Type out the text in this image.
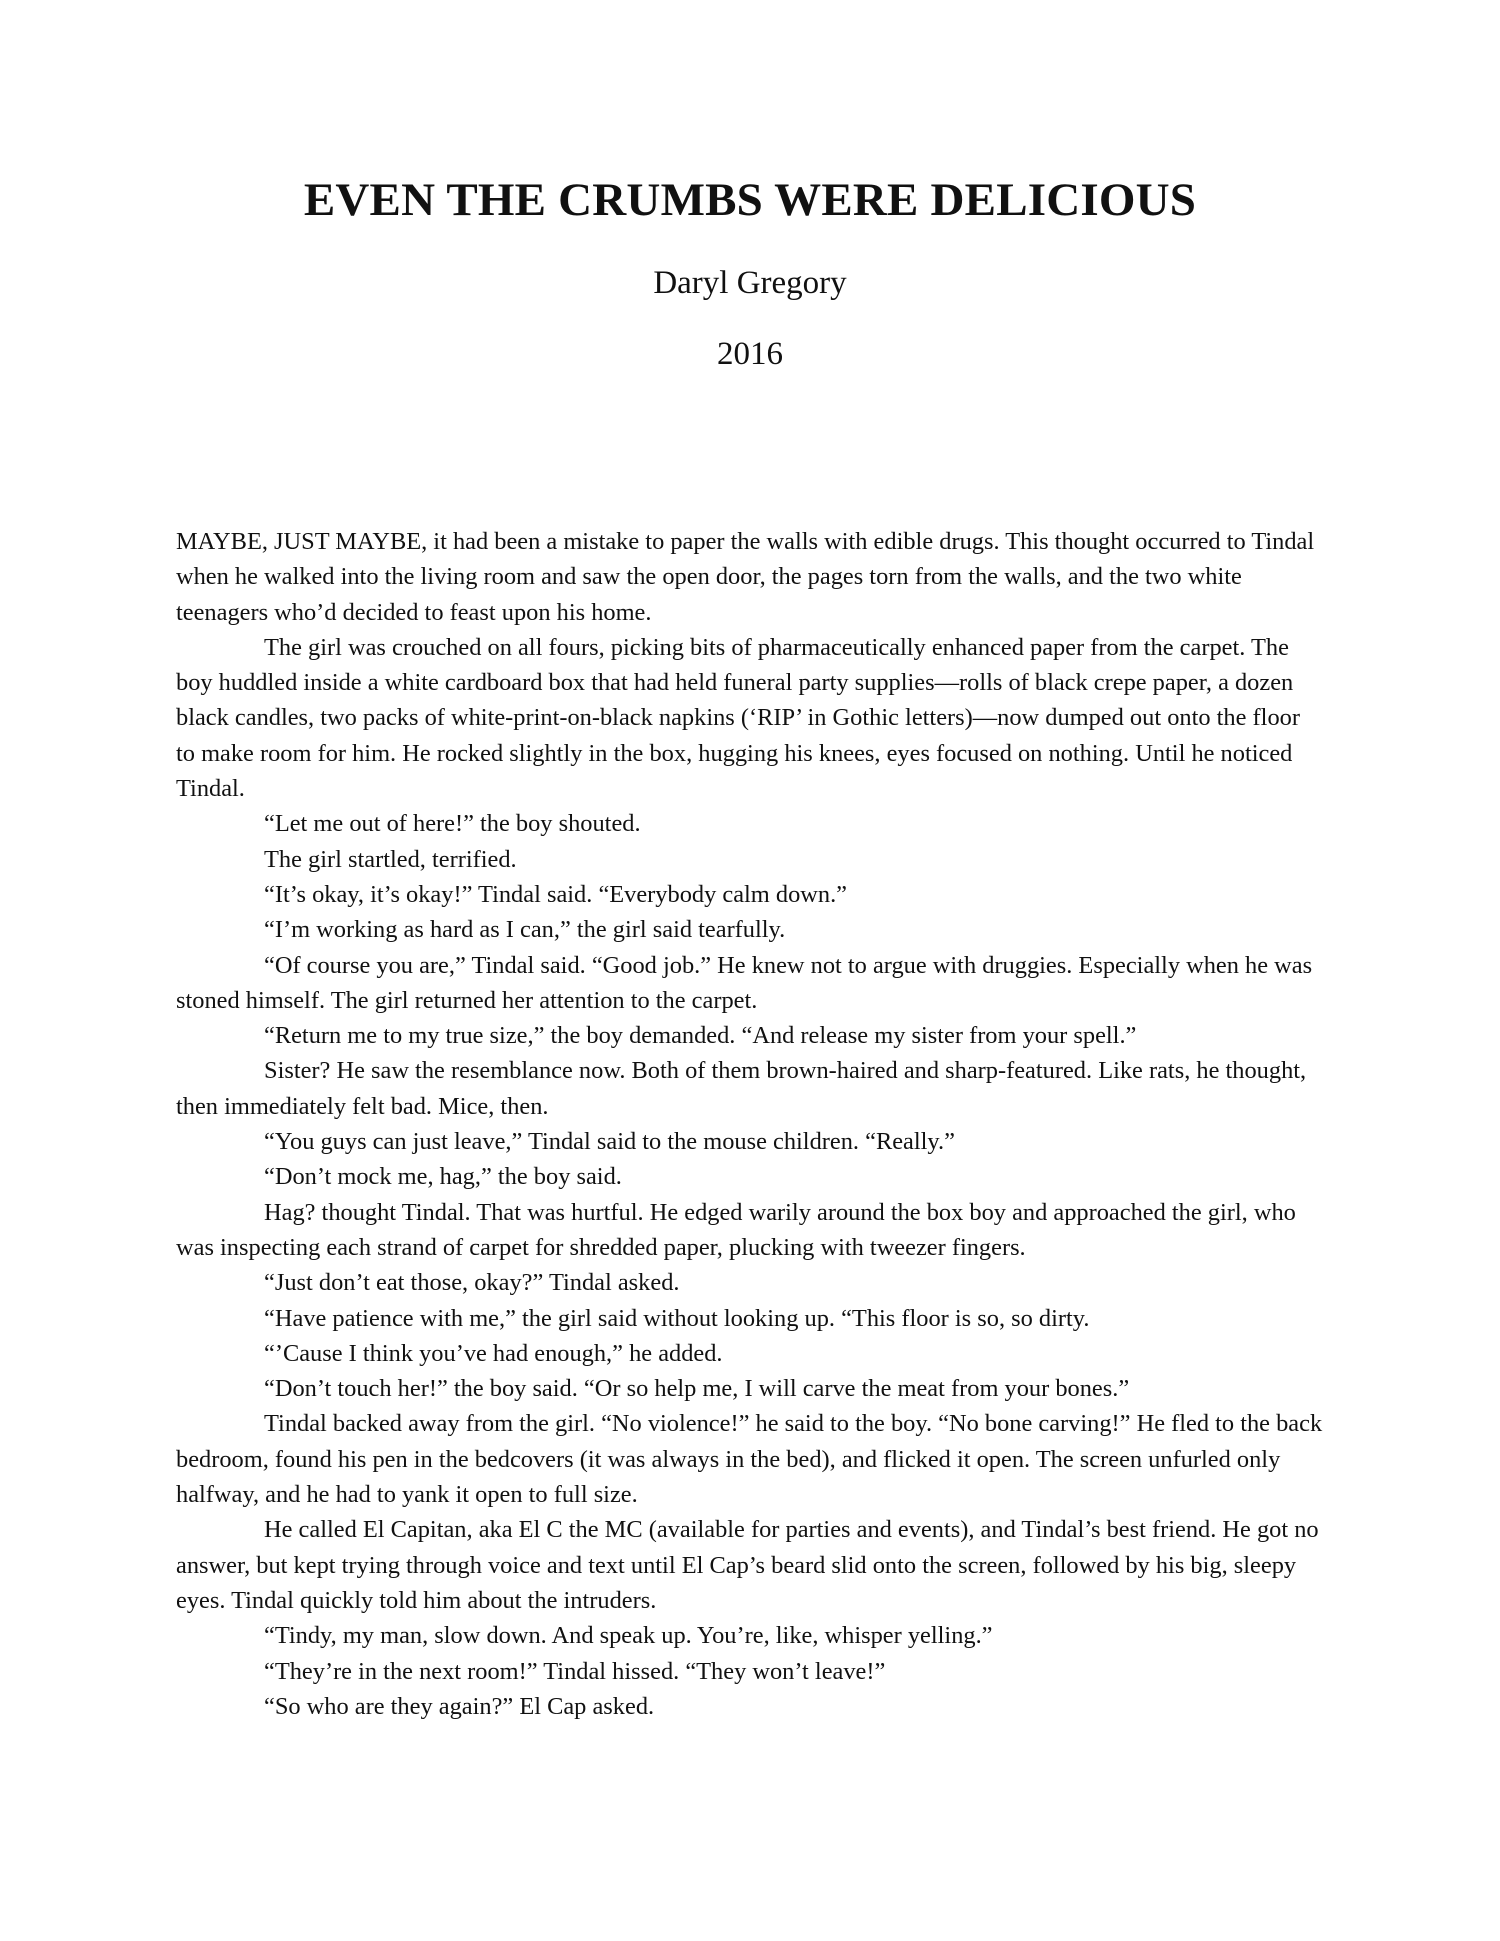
EVEN THE CRUMBS WERE DELICIOUS
Daryl Gregory
2016

MAYBE, JUST MAYBE, it had been a mistake to paper the walls with edible drugs. This thought occurred to Tindal when he walked into the living room and saw the open door, the pages torn from the walls, and the two white teenagers who’d decided to feast upon his home.

The girl was crouched on all fours, picking bits of pharmaceutically enhanced paper from the carpet. The boy huddled inside a white cardboard box that had held funeral party supplies—rolls of black crepe paper, a dozen black candles, two packs of white-print-on-black napkins (‘RIP’ in Gothic letters)—now dumped out onto the floor to make room for him. He rocked slightly in the box, hugging his knees, eyes focused on nothing. Until he noticed Tindal.

“Let me out of here!” the boy shouted.

The girl startled, terrified.

“It’s okay, it’s okay!” Tindal said. “Everybody calm down.”

“I’m working as hard as I can,” the girl said tearfully.

“Of course you are,” Tindal said. “Good job.” He knew not to argue with druggies. Especially when he was stoned himself. The girl returned her attention to the carpet.

“Return me to my true size,” the boy demanded. “And release my sister from your spell.”

Sister? He saw the resemblance now. Both of them brown-haired and sharp-featured. Like rats, he thought, then immediately felt bad. Mice, then.

“You guys can just leave,” Tindal said to the mouse children. “Really.”

“Don’t mock me, hag,” the boy said.

Hag? thought Tindal. That was hurtful. He edged warily around the box boy and approached the girl, who was inspecting each strand of carpet for shredded paper, plucking with tweezer fingers.

“Just don’t eat those, okay?” Tindal asked.

“Have patience with me,” the girl said without looking up. “This floor is so, so dirty.

“’Cause I think you’ve had enough,” he added.

“Don’t touch her!” the boy said. “Or so help me, I will carve the meat from your bones.”

Tindal backed away from the girl. “No violence!” he said to the boy. “No bone carving!” He fled to the back bedroom, found his pen in the bedcovers (it was always in the bed), and flicked it open. The screen unfurled only halfway, and he had to yank it open to full size.

He called El Capitan, aka El C the MC (available for parties and events), and Tindal’s best friend. He got no answer, but kept trying through voice and text until El Cap’s beard slid onto the screen, followed by his big, sleepy eyes. Tindal quickly told him about the intruders.

“Tindy, my man, slow down. And speak up. You’re, like, whisper yelling.”

“They’re in the next room!” Tindal hissed. “They won’t leave!”

“So who are they again?” El Cap asked.
